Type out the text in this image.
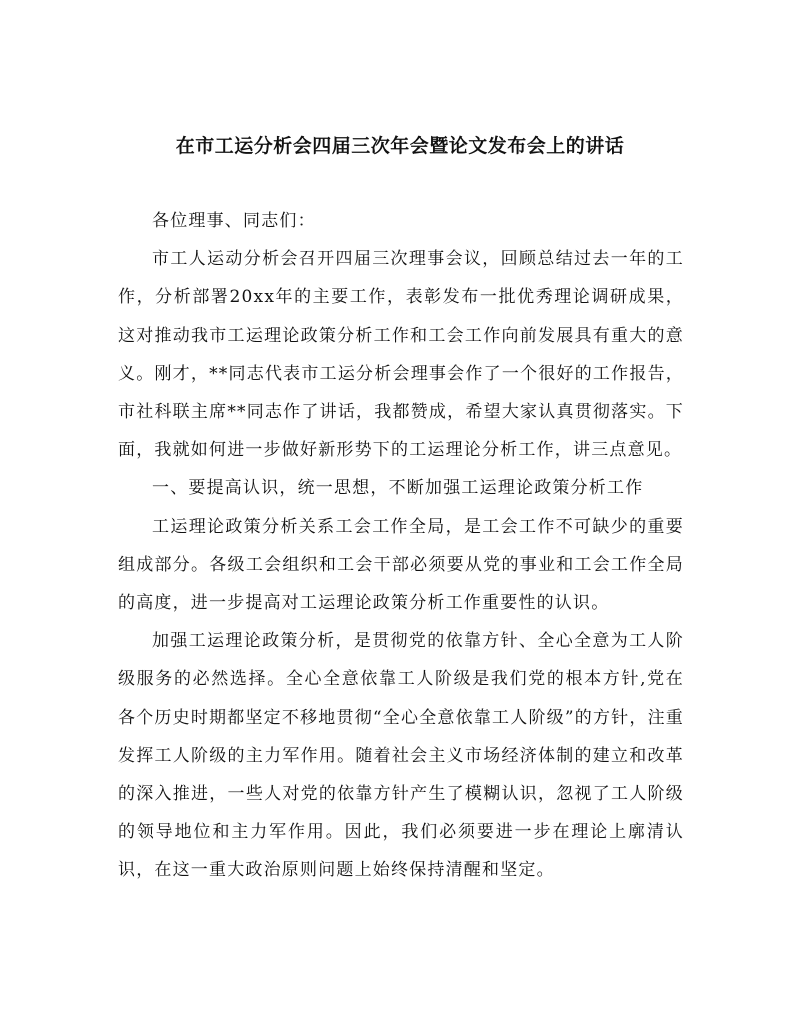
在市工运分析会四届三次年会暨论文发布会上的讲话

各位理事、同志们：

市工人运动分析会召开四届三次理事会议，回顾总结过去一年的工作，分析部署20xx年的主要工作，表彰发布一批优秀理论调研成果，这对推动我市工运理论政策分析工作和工会工作向前发展具有重大的意义。刚才，**同志代表市工运分析会理事会作了一个很好的工作报告，市社科联主席**同志作了讲话，我都赞成，希望大家认真贯彻落实。下面，我就如何进一步做好新形势下的工运理论分析工作，讲三点意见。

一、要提高认识，统一思想，不断加强工运理论政策分析工作

工运理论政策分析关系工会工作全局，是工会工作不可缺少的重要组成部分。各级工会组织和工会干部必须要从党的事业和工会工作全局的高度，进一步提高对工运理论政策分析工作重要性的认识。

加强工运理论政策分析，是贯彻党的依靠方针、全心全意为工人阶级服务的必然选择。全心全意依靠工人阶级是我们党的根本方针,党在各个历史时期都坚定不移地贯彻“全心全意依靠工人阶级”的方针，注重发挥工人阶级的主力军作用。随着社会主义市场经济体制的建立和改革的深入推进，一些人对党的依靠方针产生了模糊认识，忽视了工人阶级的领导地位和主力军作用。因此，我们必须要进一步在理论上廓清认识，在这一重大政治原则问题上始终保持清醒和坚定。
